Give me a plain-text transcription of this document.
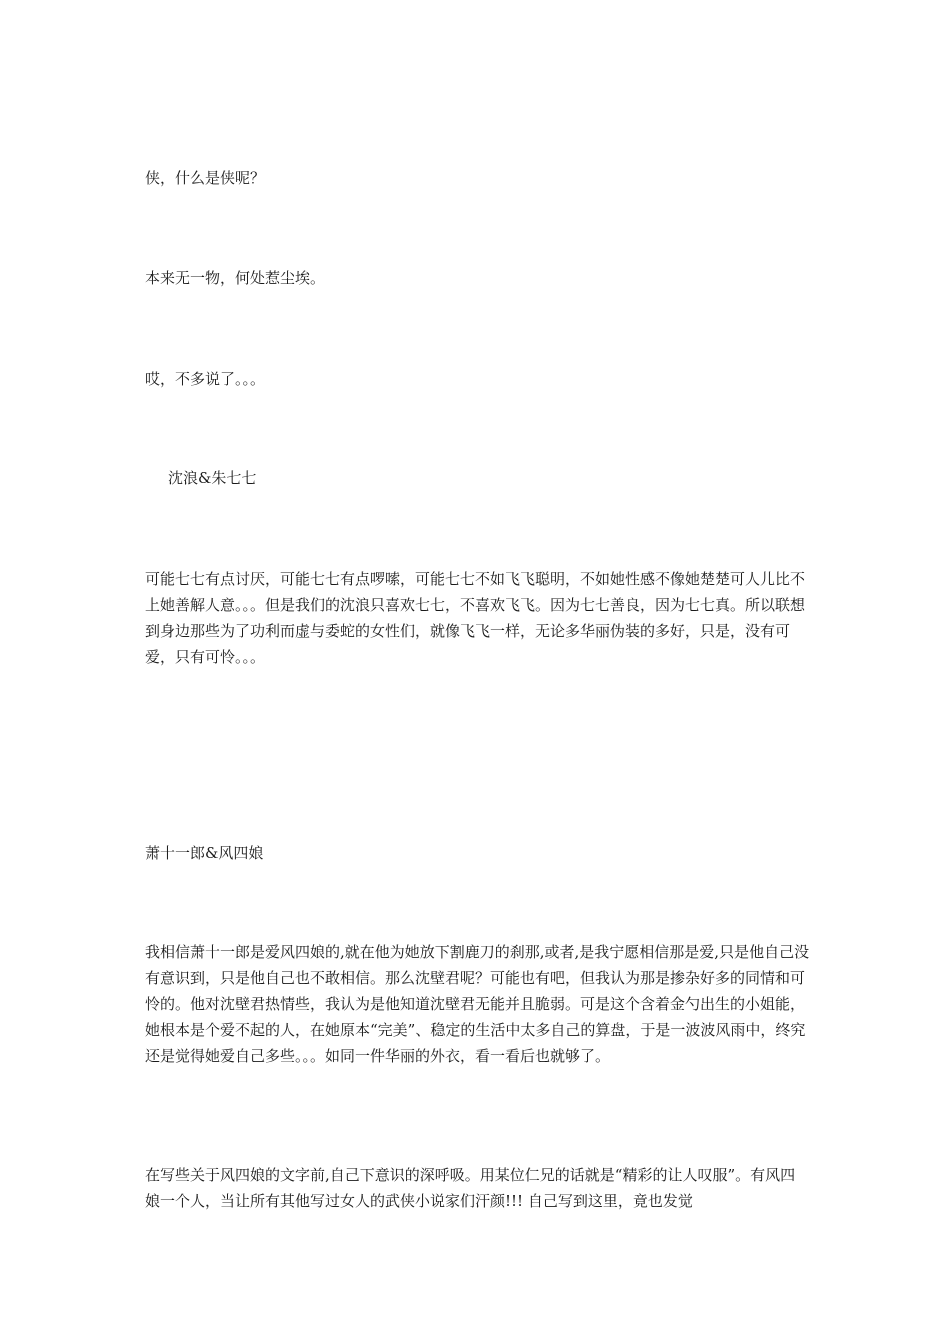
侠，什么是侠呢？

本来无一物，何处惹尘埃。

哎，不多说了。。。

沈浪&朱七七

可能七七有点讨厌，可能七七有点啰嗦，可能七七不如飞飞聪明，不如她性感不像她楚楚可人儿比不上她善解人意。。。但是我们的沈浪只喜欢七七，不喜欢飞飞。因为七七善良，因为七七真。所以联想到身边那些为了功利而虚与委蛇的女性们，就像飞飞一样，无论多华丽伪装的多好，只是，没有可爱，只有可怜。。。

萧十一郎&风四娘

我相信萧十一郎是爱风四娘的,就在他为她放下割鹿刀的刹那,或者,是我宁愿相信那是爱,只是他自己没有意识到，只是他自己也不敢相信。那么沈壁君呢？可能也有吧，但我认为那是掺杂好多的同情和可怜的。他对沈壁君热情些，我认为是他知道沈壁君无能并且脆弱。可是这个含着金勺出生的小姐能，她根本是个爱不起的人，在她原本“完美”、稳定的生活中太多自己的算盘，于是一波波风雨中，终究还是觉得她爱自己多些。。。如同一件华丽的外衣，看一看后也就够了。

在写些关于风四娘的文字前,自己下意识的深呼吸。用某位仁兄的话就是“精彩的让人叹服”。有风四娘一个人，当让所有其他写过女人的武侠小说家们汗颜!!! 自己写到这里，竟也发觉
